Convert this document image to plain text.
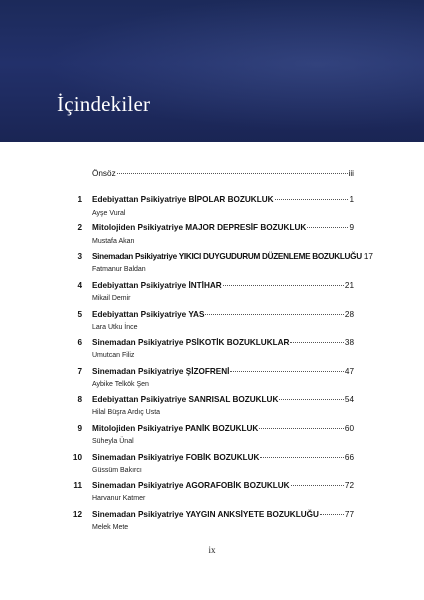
İçindekiler
Önsöz	iii
1 Edebiyattan Psikiyatriye BİPOLAR BOZUKLUK	1
Ayşe Vural
2 Mitolojiden Psikiyatriye MAJOR DEPRESİF BOZUKLUK	9
Mustafa Akan
3 Sinemadan Psikiyatriye YIKICI DUYGUDURUM DÜZENLEME BOZUKLUĞU 17
Fatmanur Baldan
4 Edebiyattan Psikiyatriye İNTİHAR	21
Mikail Demir
5 Edebiyattan Psikiyatriye YAS	28
Lara Utku İnce
6 Sinemadan Psikiyatriye PSİKOTİK BOZUKLUKLAR	38
Umutcan Filiz
7 Sinemadan Psikiyatriye ŞİZOFRENİ	47
Aybike Telkök Şen
8 Edebiyattan Psikiyatriye SANRISAL BOZUKLUK	54
Hilal Büşra Ardıç Usta
9 Mitolojiden Psikiyatriye PANİK BOZUKLUK	60
Süheyla Ünal
10 Sinemadan Psikiyatriye FOBİK BOZUKLUK	66
Güssüm Bakırcı
11 Sinemadan Psikiyatriye AGORAFOBİK BOZUKLUK	72
Harvanur Katmer
12 Sinemadan Psikiyatriye YAYGIN ANKSİYETE BOZUKLUĞU	77
Melek Mete
ix
